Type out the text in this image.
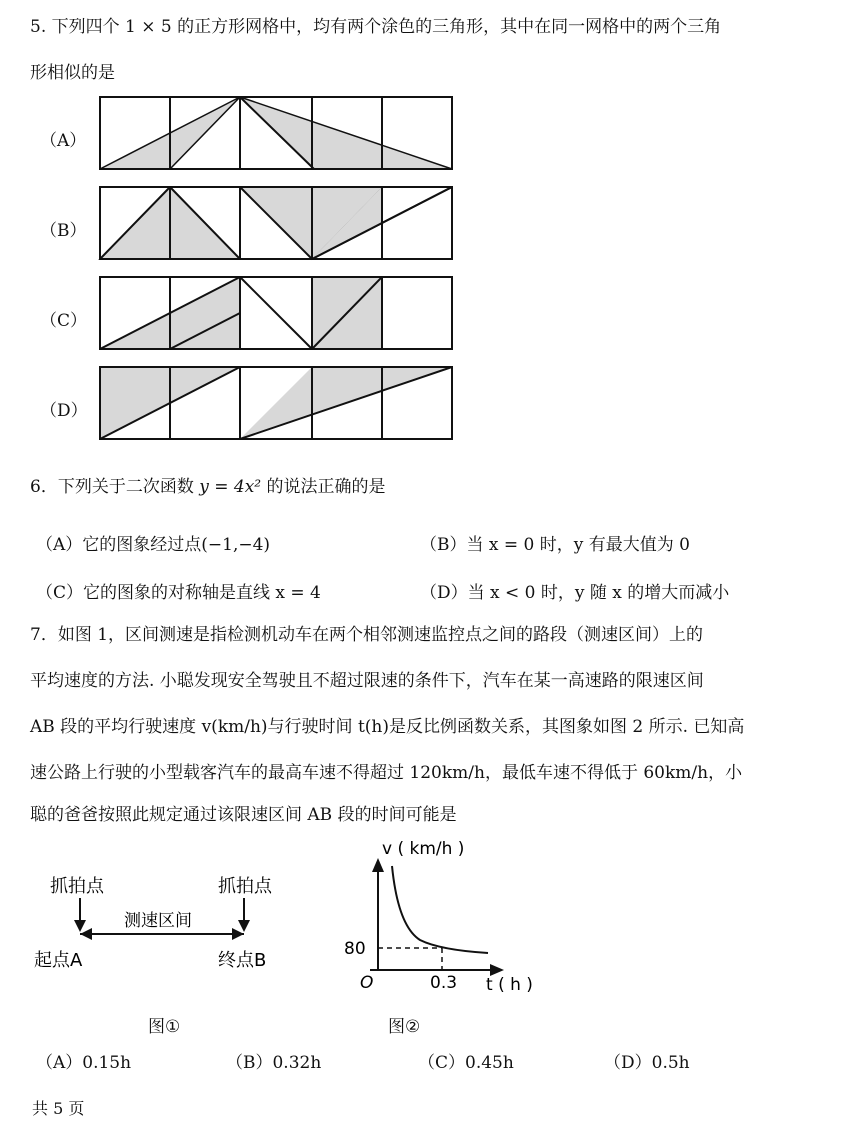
5. 下列四个 1 × 5 的正方形网格中，均有两个涂色的三角形，其中在同一网格中的两个三角
形相似的是
（A）
（B）
（C）
（D）
6．下列关于二次函数 y = 4x² 的说法正确的是
（A）它的图象经过点(−1,−4)	（B）当 x = 0 时，y 有最大值为 0
（C）它的图象的对称轴是直线 x = 4	（D）当 x < 0 时，y 随 x 的增大而减小
7．如图 1，区间测速是指检测机动车在两个相邻测速监控点之间的路段（测速区间）上的
平均速度的方法. 小聪发现安全驾驶且不超过限速的条件下，汽车在某一高速路的限速区间
AB 段的平均行驶速度 v(km/h)与行驶时间 t(h)是反比例函数关系，其图象如图 2 所示. 已知高
速公路上行驶的小型载客汽车的最高车速不得超过 120km/h，最低车速不得低于 60km/h，小
聪的爸爸按照此规定通过该限速区间 AB 段的时间可能是
抓拍点	抓拍点
测速区间
起点A	终点B
图①
v ( km/h )
80
O	0.3 t ( h )
图②
（A）0.15h	（B）0.32h	（C）0.45h	（D）0.5h
共 5 页
